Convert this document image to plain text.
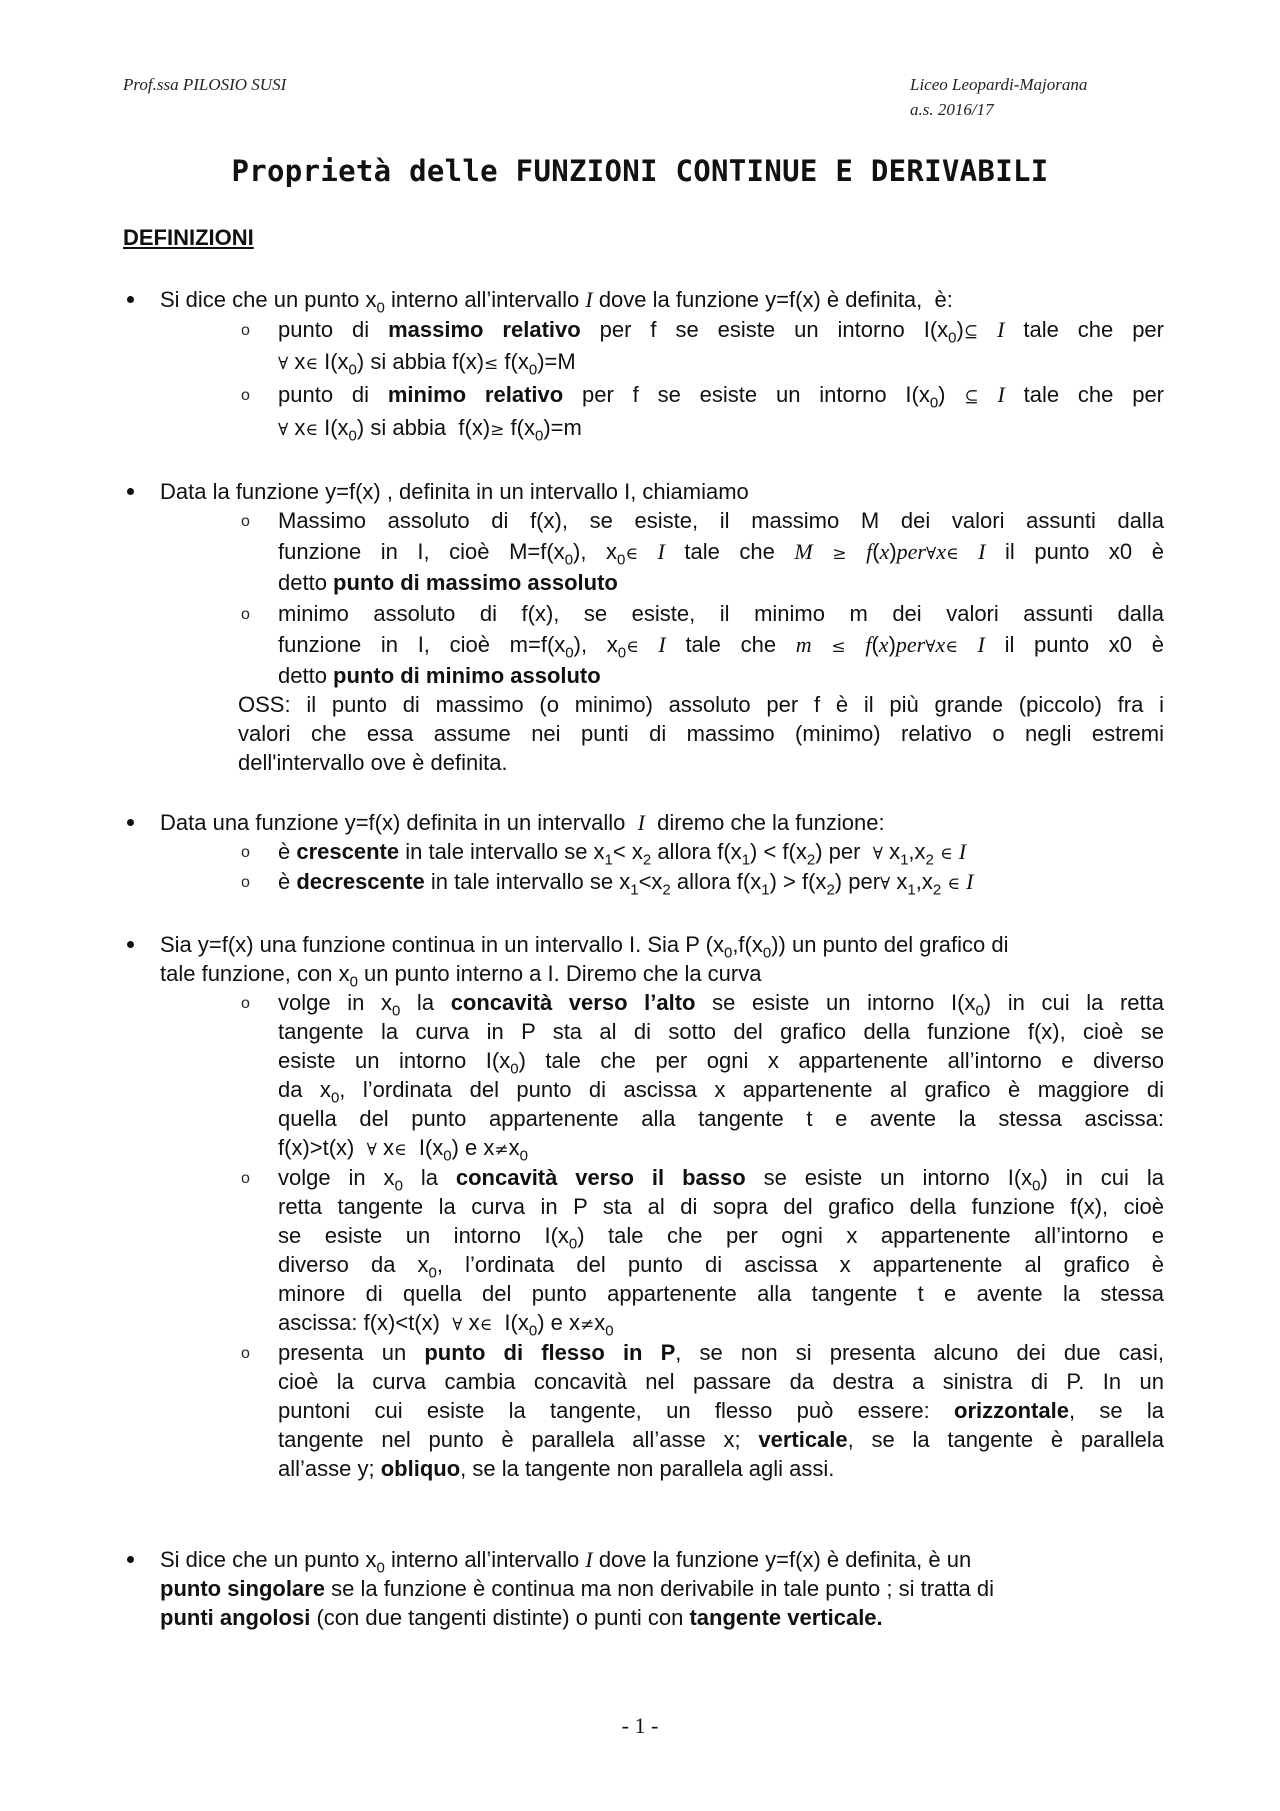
Prof.ssa PILOSIO SUSI	Liceo Leopardi-Majorana
a.s. 2016/17
Proprietà delle FUNZIONI CONTINUE E DERIVABILI
DEFINIZIONI
Si dice che un punto $x_0$ interno all’intervallo I dove la funzione y=f(x) è definita,  è:
o punto di massimo relativo per f se esiste un intorno $I(x_0)⊆$ I tale che per
∀ x∈ $I(x_0)$ si abbia $f(x)\le f(x_0)=M$
o punto di minimo relativo per f se esiste un intorno $I(x_0)$ ⊆ I tale che per
∀ x∈ $I(x_0)$ si abbia  $f(x)\ge f(x_0)=m$
Data la funzione y=f(x) , definita in un intervallo I, chiamiamo
o Massimo assoluto di f(x), se esiste, il massimo M dei valori assunti dalla
funzione in I, cioè $M=f(x_0)$, $x_0\in$ I tale che M ≥ f(x)per∀x∈ I il punto x0 è
detto punto di massimo assoluto
o minimo assoluto di f(x), se esiste, il minimo m dei valori assunti dalla
funzione in I, cioè $m=f(x_0)$, $x_0\in$ I tale che m ≤ f(x)per∀x∈ I il punto x0 è
detto punto di minimo assoluto
OSS: il punto di massimo (o minimo) assoluto per f è il più grande (piccolo) fra i
valori che essa assume nei punti di massimo (minimo) relativo o negli estremi
dell'intervallo ove è definita.
Data una funzione y=f(x) definita in un intervallo  I  diremo che la funzione:
o è crescente in tale intervallo se $x_1< x_2$ allora $f(x_1) < f(x_2)$ per  ∀ $x_1,x_2$ ∈ I
o è decrescente in tale intervallo se $x_1<x_2$ allora $f(x_1) > f(x_2)$ per∀ $x_1,x_2$ ∈ I
Sia y=f(x) una funzione continua in un intervallo I. Sia P $(x_0,f(x_0))$ un punto del grafico di
tale funzione, con $x_0$ un punto interno a I. Diremo che la curva
o volge in $x_0$ la concavità verso l’alto se esiste un intorno $I(x_0)$ in cui la retta
tangente la curva in P sta al di sotto del grafico della funzione f(x), cioè se
esiste un intorno $I(x_0)$ tale che per ogni x appartenente all’intorno e diverso
da $x_0$, l’ordinata del punto di ascissa x appartenente al grafico è maggiore di
quella del punto appartenente alla tangente t e avente la stessa ascissa:
f(x)>t(x)  ∀ x∈  $I(x_0)$ e $x\ne x_0$
o volge in $x_0$ la concavità verso il basso se esiste un intorno $I(x_0)$ in cui la
retta tangente la curva in P sta al di sopra del grafico della funzione f(x), cioè
se esiste un intorno $I(x_0)$ tale che per ogni x appartenente all’intorno e
diverso da $x_0$, l’ordinata del punto di ascissa x appartenente al grafico è
minore di quella del punto appartenente alla tangente t e avente la stessa
ascissa: f(x)<t(x)  ∀ x∈  $I(x_0)$ e $x\ne x_0$
o presenta un punto di flesso in P, se non si presenta alcuno dei due casi,
cioè la curva cambia concavità nel passare da destra a sinistra di P. In un
puntoni cui esiste la tangente, un flesso può essere: orizzontale, se la
tangente nel punto è parallela all’asse x; verticale, se la tangente è parallela
all’asse y; obliquo, se la tangente non parallela agli assi.
Si dice che un punto $x_0$ interno all’intervallo I dove la funzione y=f(x) è definita, è un
punto singolare se la funzione è continua ma non derivabile in tale punto ; si tratta di
punti angolosi (con due tangenti distinte) o punti con tangente verticale.
- 1 -
